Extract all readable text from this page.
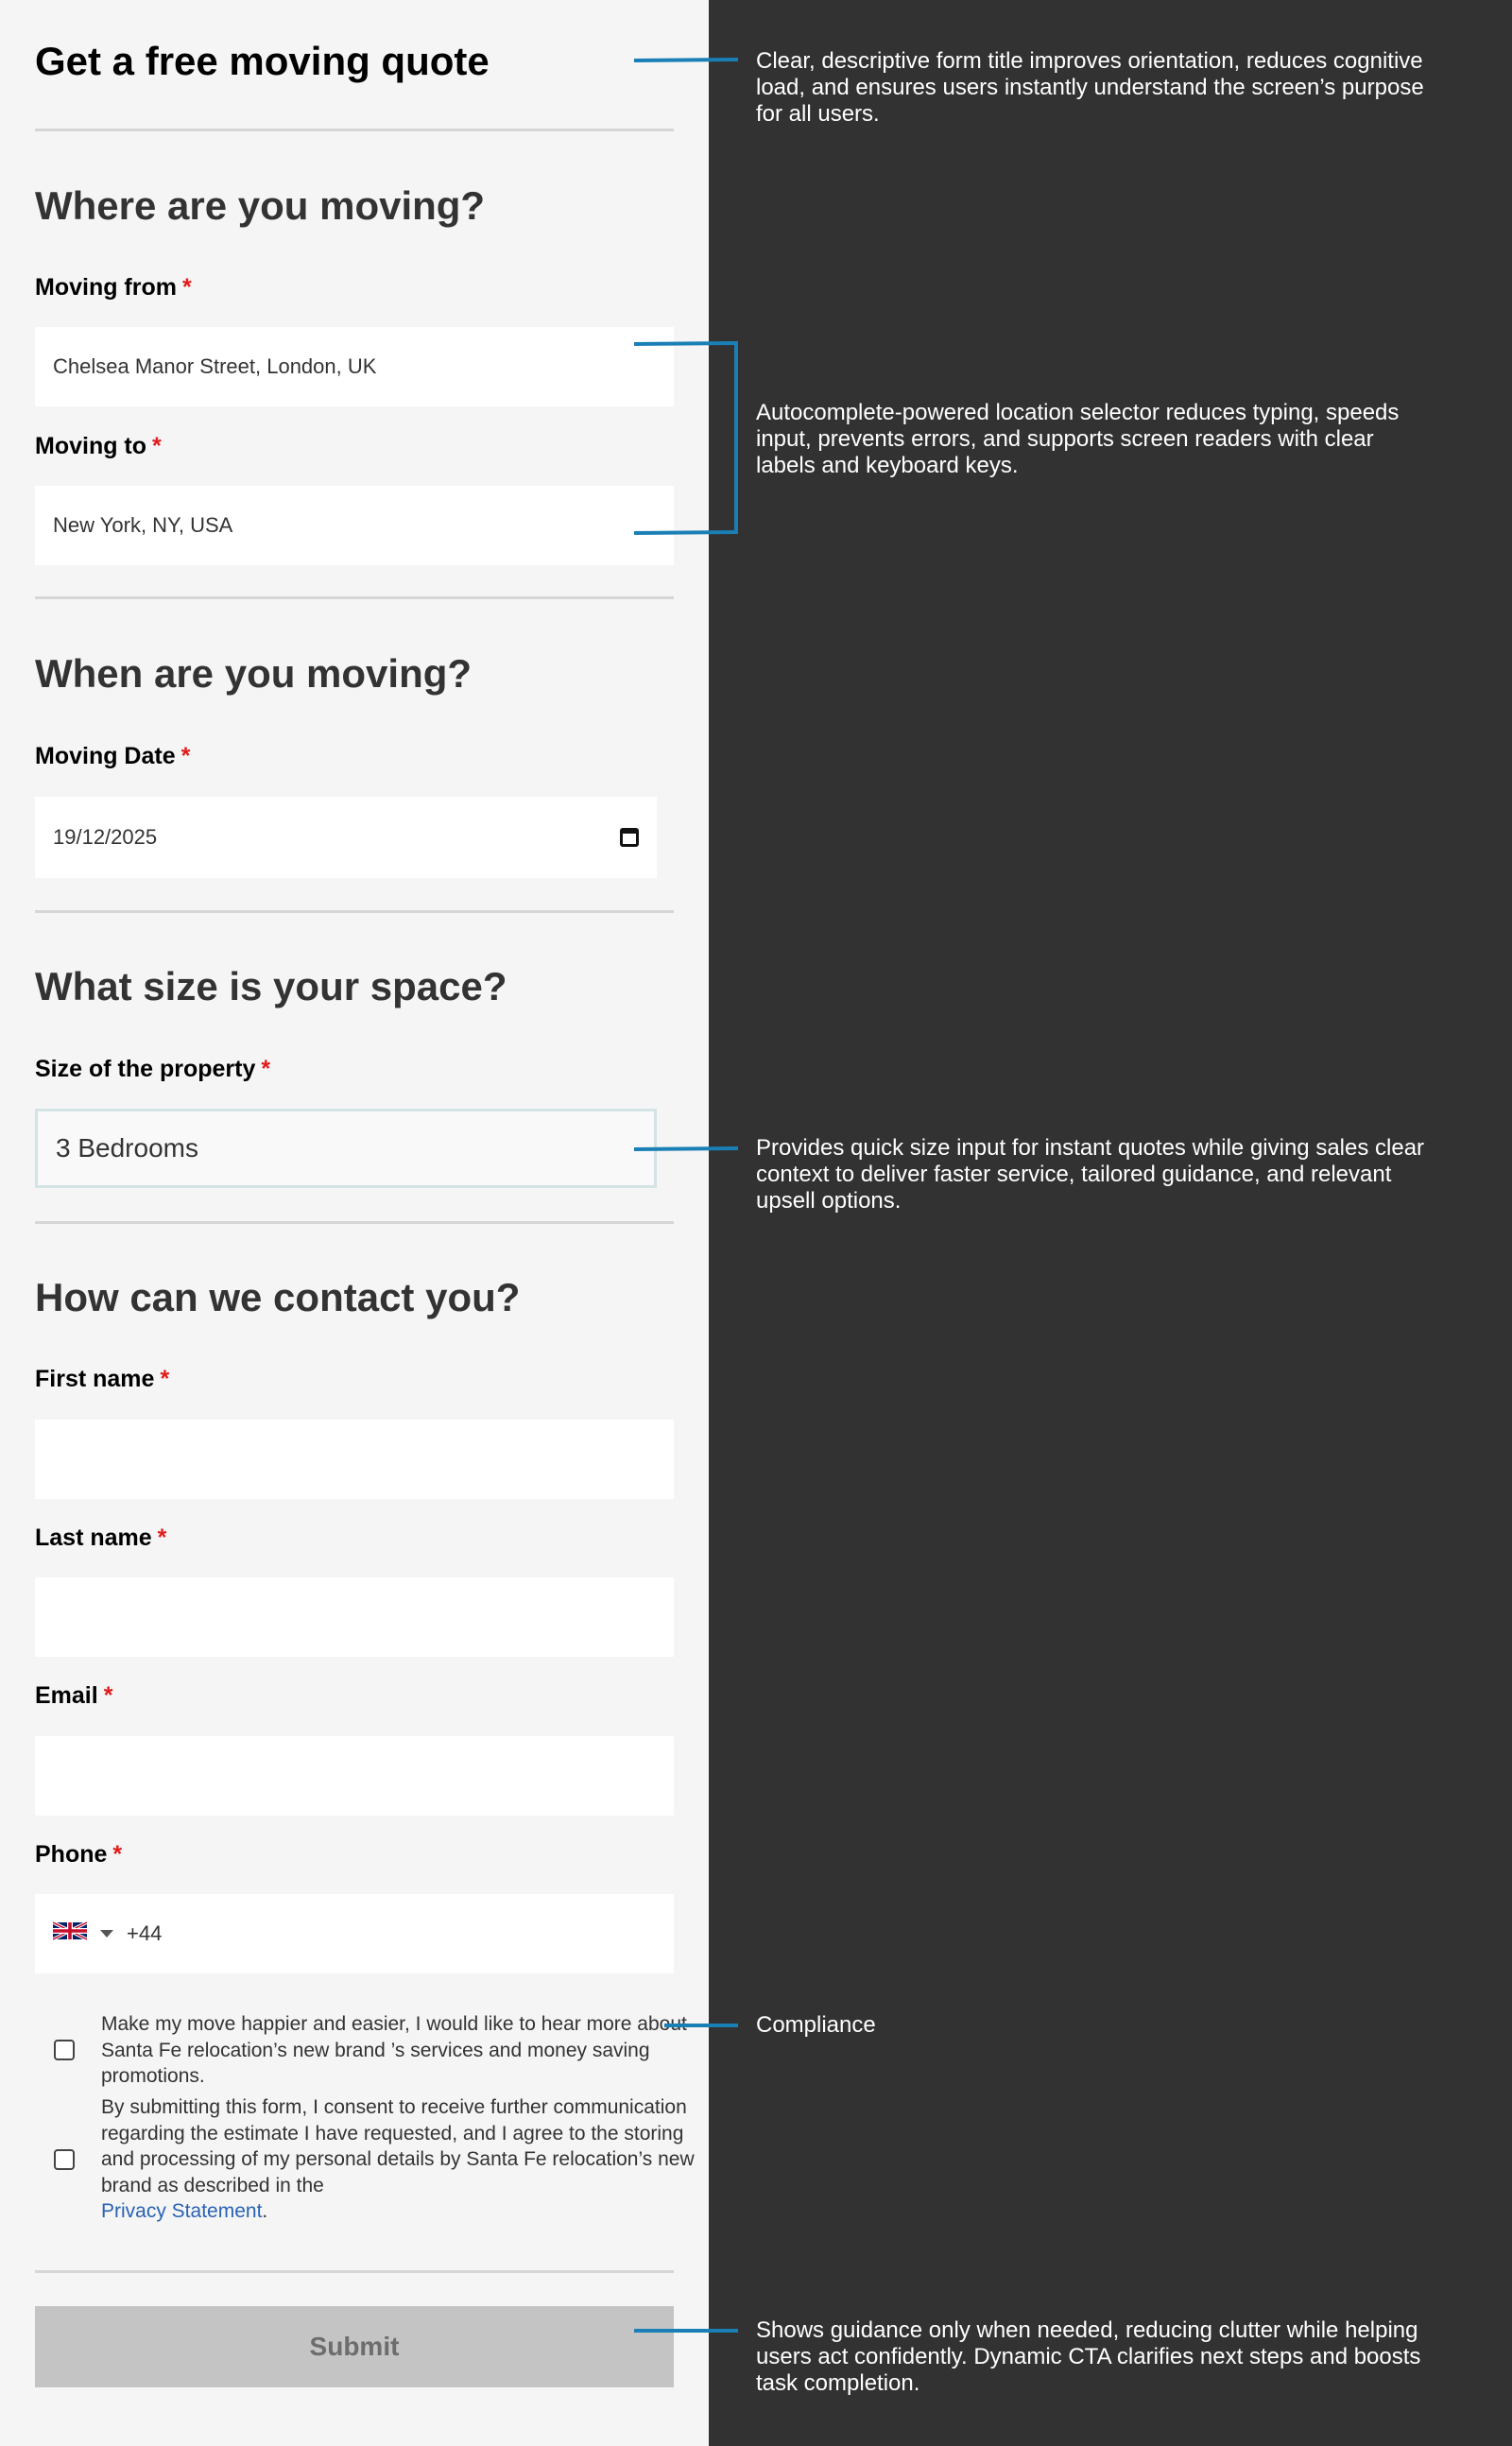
Get a free moving quote
Where are you moving?
Moving from *
Chelsea Manor Street, London, UK
Moving to *
New York, NY, USA
When are you moving?
Moving Date *
19/12/2025
What size is your space?
Size of the property *
3 Bedrooms
How can we contact you?
First name *
Last name *
Email *
Phone *
+44
Make my move happier and easier, I would like to hear more about Santa Fe relocation’s new brand ’s services and money saving promotions.
By submitting this form, I consent to receive further communication regarding the estimate I have requested, and I agree to the storing and processing of my personal details by Santa Fe relocation’s new brand as described in the
Privacy Statement.
Submit

Clear, descriptive form title improves orientation, reduces cognitive load, and ensures users instantly understand the screen’s purpose for all users.

Autocomplete-powered location selector reduces typing, speeds input, prevents errors, and supports screen readers with clear labels and keyboard keys.

Provides quick size input for instant quotes while giving sales clear context to deliver faster service, tailored guidance, and relevant upsell options.

Compliance

Shows guidance only when needed, reducing clutter while helping users act confidently. Dynamic CTA clarifies next steps and boosts task completion.
